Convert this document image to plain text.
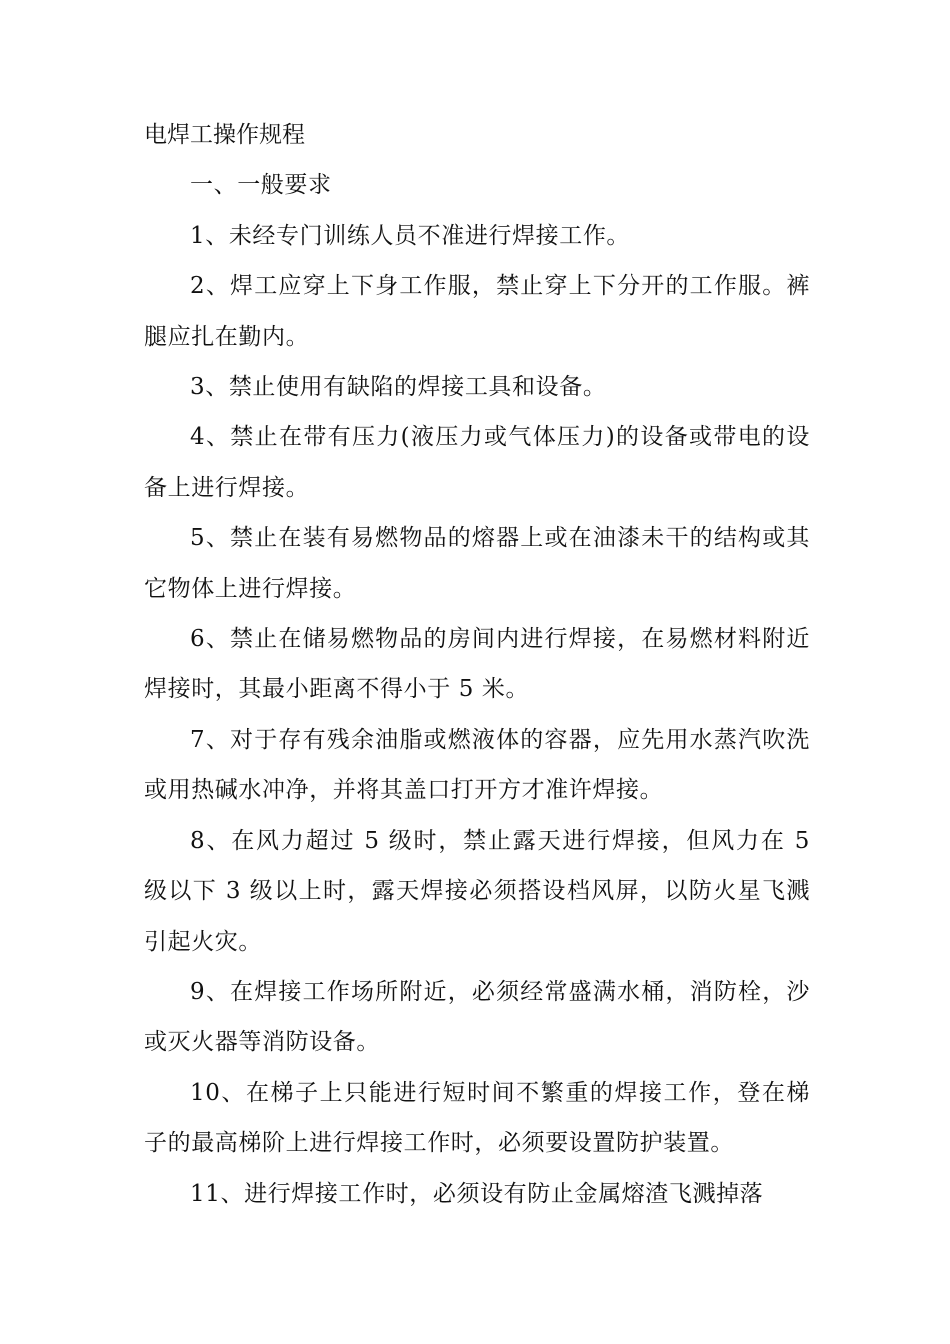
电焊工操作规程

一、一般要求

1、未经专门训练人员不准进行焊接工作。

2、焊工应穿上下身工作服，禁止穿上下分开的工作服。裤腿应扎在勤内。

3、禁止使用有缺陷的焊接工具和设备。

4、禁止在带有压力(液压力或气体压力)的设备或带电的设备上进行焊接。

5、禁止在装有易燃物品的熔器上或在油漆未干的结构或其它物体上进行焊接。

6、禁止在储易燃物品的房间内进行焊接，在易燃材料附近焊接时，其最小距离不得小于 5 米。

7、对于存有残余油脂或燃液体的容器，应先用水蒸汽吹洗或用热碱水冲净，并将其盖口打开方才准许焊接。

8、在风力超过 5 级时，禁止露天进行焊接，但风力在 5 级以下 3 级以上时，露天焊接必须搭设档风屏，以防火星飞溅引起火灾。

9、在焊接工作场所附近，必须经常盛满水桶，消防栓，沙或灭火器等消防设备。

10、在梯子上只能进行短时间不繁重的焊接工作，登在梯子的最高梯阶上进行焊接工作时，必须要设置防护装置。

11、进行焊接工作时，必须设有防止金属熔渣飞溅掉落
